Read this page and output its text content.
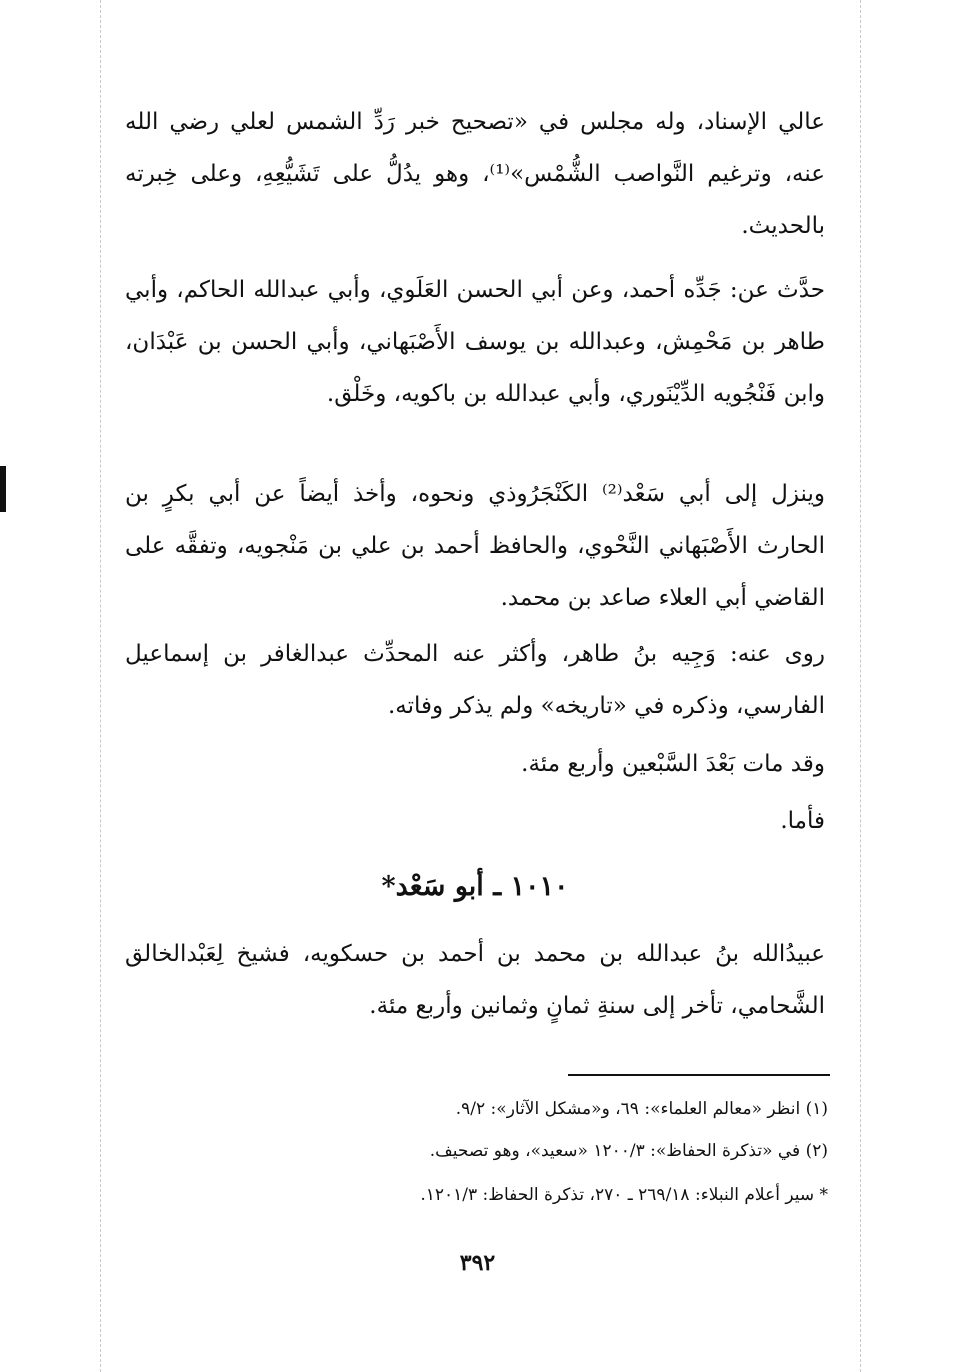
عالي الإسناد، وله مجلس في «تصحيح خبر رَدِّ الشمس لعلي رضي الله عنه، وترغيم النَّواصب الشُّمْس»⁽¹⁾، وهو يدُلُّ على تَشَيُّعِهِ، وعلى خِبرته بالحديث.

حدَّث عن: جَدِّه أحمد، وعن أبي الحسن العَلَوي، وأبي عبدالله الحاكم، وأبي طاهر بن مَحْمِش، وعبدالله بن يوسف الأَصْبَهاني، وأبي الحسن بن عَبْدَان، وابن فَنْجُويه الدِّيْنَوري، وأبي عبدالله بن باكويه، وخَلْق.

وينزل إلى أبي سَعْد⁽²⁾ الكَنْجَرُوذي ونحوه، وأخذ أيضاً عن أبي بكرٍ بن الحارث الأَصْبَهاني النَّحْوي، والحافظ أحمد بن علي بن مَنْجويه، وتفقَّه على القاضي أبي العلاء صاعد بن محمد.

روى عنه: وَجِيه بنُ طاهر، وأكثر عنه المحدِّث عبدالغافر بن إسماعيل الفارسي، وذكره في «تاريخه» ولم يذكر وفاته.

وقد مات بَعْدَ السَّبْعين وأربع مئة.

فأما.

١٠١٠ ـ أبو سَعْد*

عبيدُالله بنُ عبدالله بن محمد بن أحمد بن حسكويه، فشيخ لِعَبْدالخالق الشَّحامي، تأخر إلى سنةِ ثمانٍ وثمانين وأربع مئة.

(١) انظر «معالم العلماء»: ٦٩، و«مشكل الآثار»: ٩/٢.

(٢) في «تذكرة الحفاظ»: ١٢٠٠/٣ «سعيد»، وهو تصحيف.

* سير أعلام النبلاء: ٢٦٩/١٨ ـ ٢٧٠، تذكرة الحفاظ: ١٢٠١/٣.

٣٩٢
